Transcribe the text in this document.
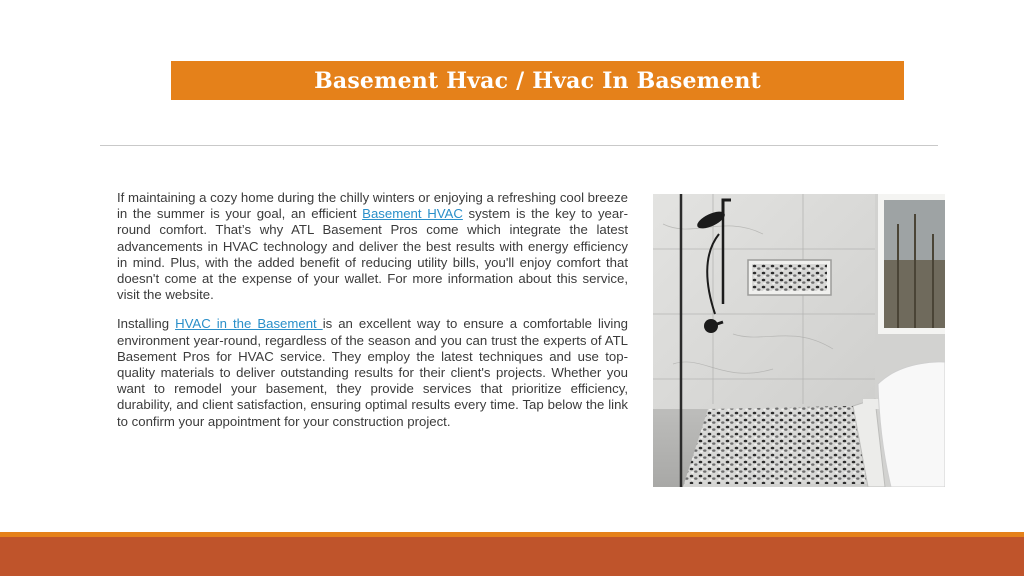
Basement Hvac / Hvac In Basement

If maintaining a cozy home during the chilly winters or enjoying a refreshing cool breeze in the summer is your goal, an efficient Basement HVAC system is the key to year-round comfort. That’s why ATL Basement Pros come which integrate the latest advancements in HVAC technology and deliver the best results with energy efficiency in mind. Plus, with the added benefit of reducing utility bills, you'll enjoy comfort that doesn't come at the expense of your wallet. For more information about this service, visit the website.

Installing HVAC in the Basement is an excellent way to ensure a comfortable living environment year-round, regardless of the season and you can trust the experts of ATL Basement Pros for HVAC service. They employ the latest techniques and use top-quality materials to deliver outstanding results for their client's projects. Whether you want to remodel your basement, they provide services that prioritize efficiency, durability, and client satisfaction, ensuring optimal results every time. Tap below the link to confirm your appointment for your construction project.
